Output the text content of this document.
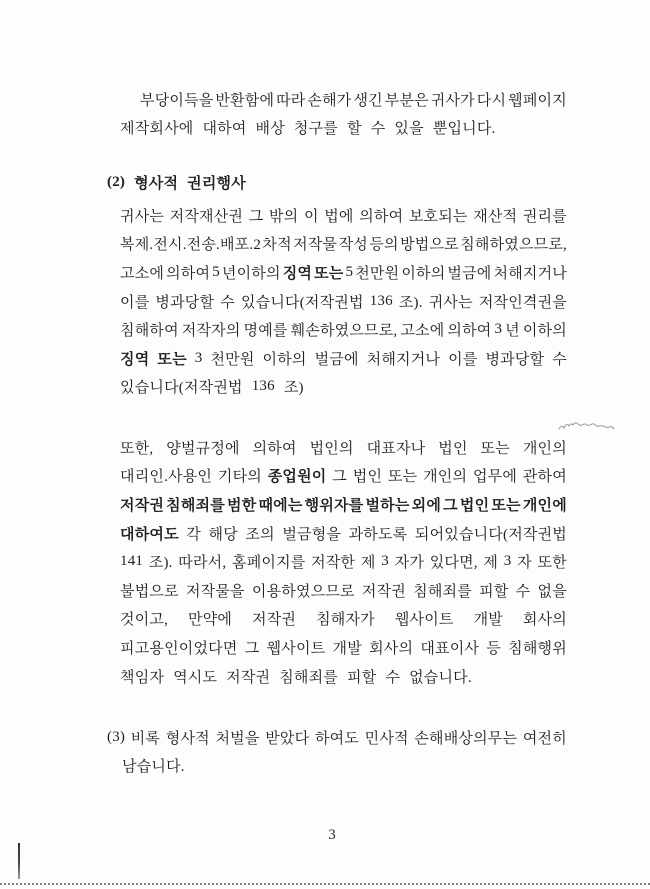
부당이득을 반환함에 따라 손해가 생긴 부분은 귀사가 다시 웹페이지
제작회사에 대하여 배상 청구를 할 수 있을 뿐입니다.
(2) 형사적 권리행사
귀사는 저작재산권 그 밖의 이 법에 의하여 보호되는 재산적 권리를
복제.전시.전송.배포.2 차적 저작물 작성 등의 방법으로 침해하였으므로,
고소에 의하여 5 년이하의 징역 또는 5 천만원 이하의 벌금에 처해지거나
이를 병과당할 수 있습니다(저작권법 136 조). 귀사는 저작인격권을
침해하여 저작자의 명예를 훼손하였으므로, 고소에 의하여 3 년 이하의
징역 또는 3 천만원 이하의 벌금에 처해지거나 이를 병과당할 수
있습니다(저작권법 136 조)
또한, 양벌규정에 의하여 법인의 대표자나 법인 또는 개인의
대리인.사용인 기타의 종업원이 그 법인 또는 개인의 업무에 관하여
저작권 침해죄를 범한 때에는 행위자를 벌하는 외에 그 법인 또는 개인에
대하여도 각 해당 조의 벌금형을 과하도록 되어있습니다(저작권법
141 조). 따라서, 홈페이지를 저작한 제 3 자가 있다면, 제 3 자 또한
불법으로 저작물을 이용하였으므로 저작권 침해죄를 피할 수 없을
것이고, 만약에 저작권 침해자가 웹사이트 개발 회사의
피고용인이었다면 그 웹사이트 개발 회사의 대표이사 등 침해행위
책임자 역시도 저작권 침해죄를 피할 수 없습니다.
(3) 비록 형사적 처벌을 받았다 하여도 민사적 손해배상의무는 여전히
남습니다.
3
